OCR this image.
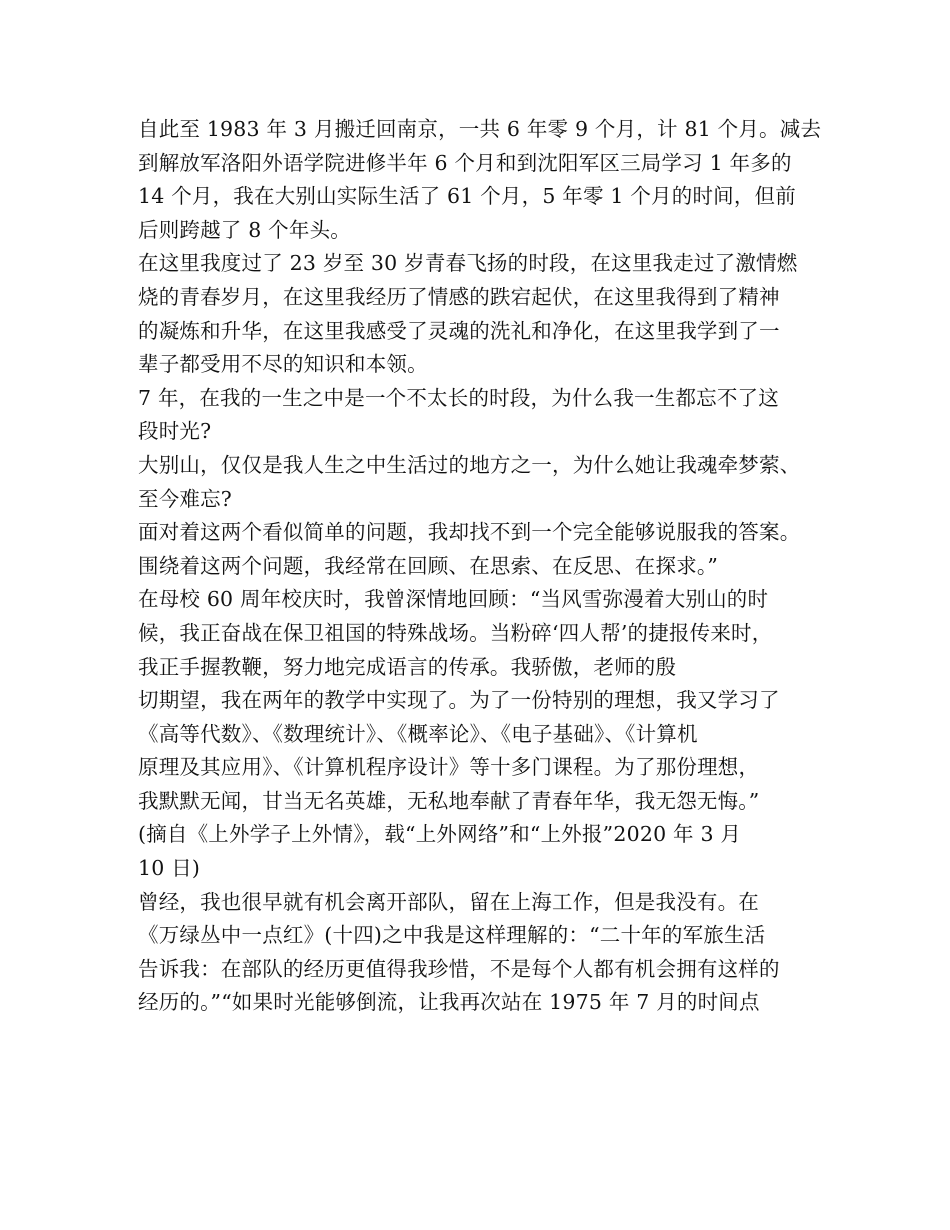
自此至 1983 年 3 月搬迁回南京，一共 6 年零 9 个月，计 81 个月。减去
到解放军洛阳外语学院进修半年 6 个月和到沈阳军区三局学习 1 年多的
14 个月，我在大别山实际生活了 61 个月，5 年零 1 个月的时间，但前
后则跨越了 8 个年头。
在这里我度过了 23 岁至 30 岁青春飞扬的时段，在这里我走过了激情燃
烧的青春岁月，在这里我经历了情感的跌宕起伏，在这里我得到了精神
的凝炼和升华，在这里我感受了灵魂的洗礼和净化，在这里我学到了一
辈子都受用不尽的知识和本领。
7 年，在我的一生之中是一个不太长的时段，为什么我一生都忘不了这
段时光?
大别山，仅仅是我人生之中生活过的地方之一，为什么她让我魂牵梦萦、
至今难忘?
面对着这两个看似简单的问题，我却找不到一个完全能够说服我的答案。
围绕着这两个问题，我经常在回顾、在思索、在反思、在探求。”
在母校 60 周年校庆时，我曾深情地回顾：“当风雪弥漫着大别山的时
候，我正奋战在保卫祖国的特殊战场。当粉碎‘四人帮’的捷报传来时，
我正手握教鞭，努力地完成语言的传承。我骄傲，老师的殷
切期望，我在两年的教学中实现了。为了一份特别的理想，我又学习了
《高等代数》、《数理统计》、《概率论》、《电子基础》、《计算机
原理及其应用》、《计算机程序设计》等十多门课程。为了那份理想，
我默默无闻，甘当无名英雄，无私地奉献了青春年华，我无怨无悔。”
(摘自《上外学子上外情》，载“上外网络”和“上外报”2020 年 3 月
10 日)
曾经，我也很早就有机会离开部队，留在上海工作，但是我没有。在
《万绿丛中一点红》(十四)之中我是这样理解的：“二十年的军旅生活
告诉我：在部队的经历更值得我珍惜，不是每个人都有机会拥有这样的
经历的。”“如果时光能够倒流，让我再次站在 1975 年 7 月的时间点
